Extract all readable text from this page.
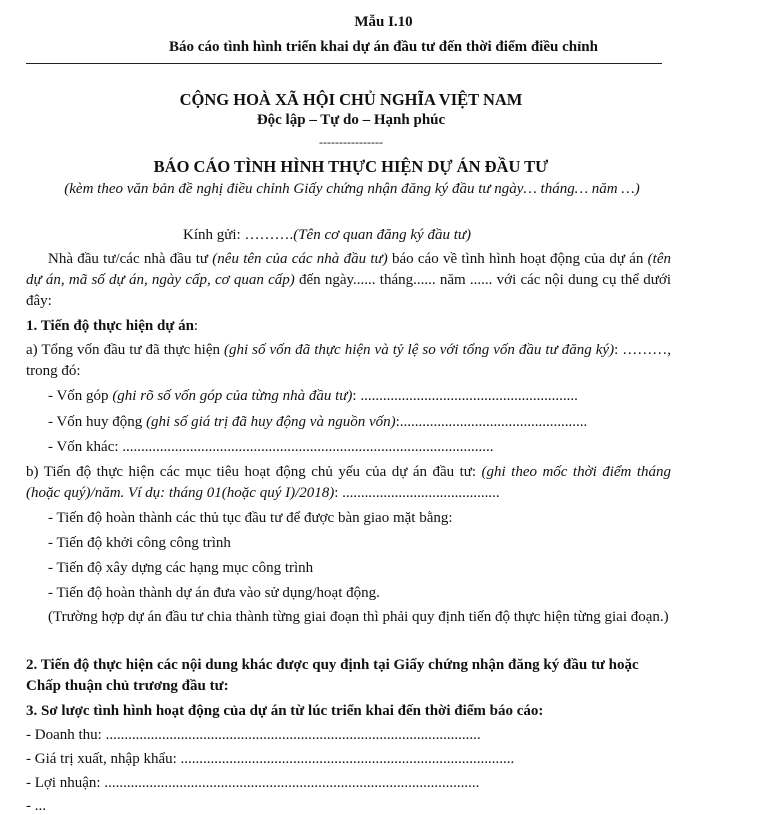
Mẫu I.10
Báo cáo tình hình triển khai dự án đầu tư đến thời điểm điều chỉnh
CỘNG HOÀ XÃ HỘI CHỦ NGHĨA VIỆT NAM
Độc lập – Tự do – Hạnh phúc
----------------
BÁO CÁO TÌNH HÌNH THỰC HIỆN DỰ ÁN ĐẦU TƯ
(kèm theo văn bản đề nghị điều chỉnh Giấy chứng nhận đăng ký đầu tư ngày… tháng… năm …)
Kính gửi: ……….(Tên cơ quan đăng ký đầu tư)
Nhà đầu tư/các nhà đầu tư (nêu tên của các nhà đầu tư) báo cáo về tình hình hoạt động của dự án (tên dự án, mã số dự án, ngày cấp, cơ quan cấp) đến ngày...... tháng...... năm ...... với các nội dung cụ thể dưới đây:
1. Tiến độ thực hiện dự án:
a) Tổng vốn đầu tư đã thực hiện (ghi số vốn đã thực hiện và tỷ lệ so với tổng vốn đầu tư đăng ký): ………, trong đó:
- Vốn góp (ghi rõ số vốn góp của từng nhà đầu tư): ..........................................................
- Vốn huy động (ghi số giá trị đã huy động và nguồn vốn):..................................................
- Vốn khác: ...................................................................................................
b) Tiến độ thực hiện các mục tiêu hoạt động chủ yếu của dự án đầu tư: (ghi theo mốc thời điểm tháng (hoặc quý)/năm. Ví dụ: tháng 01(hoặc quý I)/2018): ..........................................
- Tiến độ hoàn thành các thủ tục đầu tư để được bàn giao mặt bằng:
- Tiến độ khởi công công trình
- Tiến độ xây dựng các hạng mục công trình
- Tiến độ hoàn thành dự án đưa vào sử dụng/hoạt động.
(Trường hợp dự án đầu tư chia thành từng giai đoạn thì phải quy định tiến độ thực hiện từng giai đoạn.)
2. Tiến độ thực hiện các nội dung khác được quy định tại Giấy chứng nhận đăng ký đầu tư hoặc Chấp thuận chủ trương đầu tư:
3. Sơ lược tình hình hoạt động của dự án từ lúc triển khai đến thời điểm báo cáo:
- Doanh thu: ....................................................................................................
- Giá trị xuất, nhập khẩu: .........................................................................................
- Lợi nhuận: ....................................................................................................
- ...
